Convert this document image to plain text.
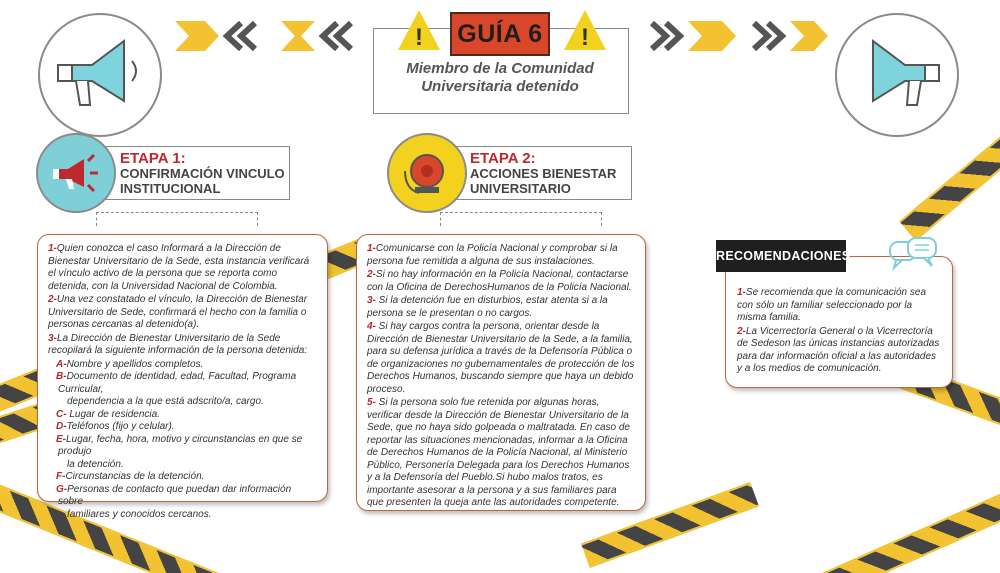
!	!
GUÍA 6
Miembro de la Comunidad
Universitaria detenido
ETAPA 1:
CONFIRMACIÓN VINCULO
INSTITUCIONAL
ETAPA 2:
ACCIONES BIENESTAR
UNIVERSITARIO
1-Quien conozca el caso Informará a la Dirección de Bienestar Universitario de la Sede, esta instancia verificará el vínculo activo de la persona que se reporta como detenida, con la Universidad Nacional de Colombia.
2-Una vez constatado el vínculo, la Dirección de Bienestar Universitario de Sede, confirmará el hecho con la familia o personas cercanas al detenido(a).
3-La Dirección de Bienestar Universitario de la Sede recopilará la siguiente información de la persona detenida:
A-Nombre y apellidos completos.
B-Documento de identidad, edad, Facultad, Programa Curricular,
dependencia a la que está adscrito/a, cargo.
C- Lugar de residencia.
D-Teléfonos (fijo y celular).
E-Lugar, fecha, hora, motivo y circunstancias en que se produjo
la detención.
F-Circunstancias de la detención.
G-Personas de contacto que puedan dar información sobre
familiares y conocidos cercanos.
1-Comunicarse con la Policía Nacional y comprobar si la persona fue remitida a alguna de sus instalaciones.
2-Si no hay información en la Policía Nacional, contactarse con la Oficina de DerechosHumanos de la Policía Nacional.
3- Si la detención fue en disturbios, estar atenta si a la persona se le presentan o no cargos.
4- Si hay cargos contra la persona, orientar desde la Dirección de Bienestar Universitario de la Sede, a la familia, para su defensa jurídica a través de la Defensoría Pública o de organizaciones no gubernamentales de protección de los Derechos Humanos, buscando siempre que haya un debido proceso.
5- Si la persona solo fue retenida por algunas horas, verificar desde la Dirección de Bienestar Universitario de la Sede, que no haya sido golpeada o maltratada. En caso de reportar las situaciones mencionadas, informar a la Oficina de Derechos Humanos de la Policía Nacional, al Ministerio Público, Personería Delegada para los Derechos Humanos y a la Defensoría del Pueblo.Si hubo malos tratos, es importante asesorar a la persona y a sus familiares para que presenten la queja ante las autoridades competente.
1-Se recomienda que la comunicación sea con sólo un familiar seleccionado por la misma familia.
2-La Vicerrectoría General o la Vicerrectoría de Sedeson las únicas instancias autorizadas para dar información oficial a las autoridades y a los medios de comunicación.
RECOMENDACIONES
